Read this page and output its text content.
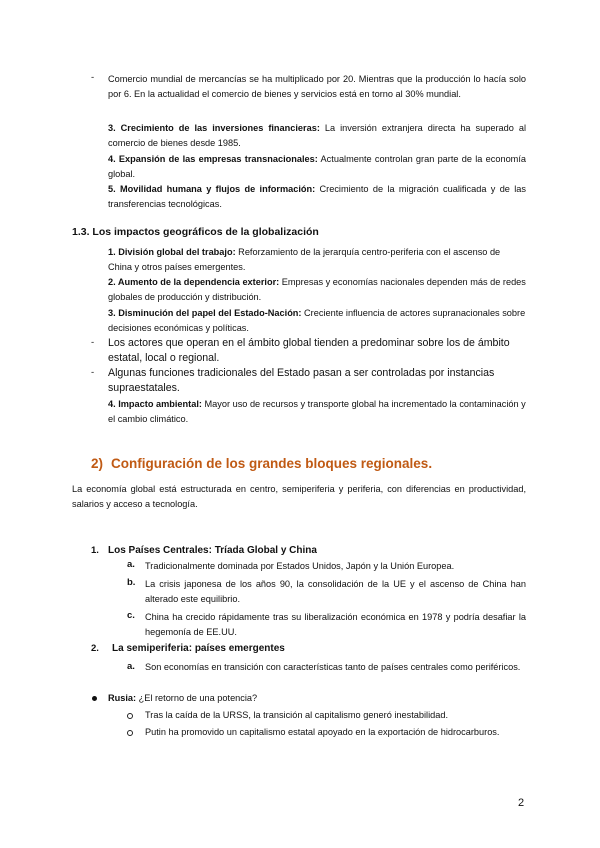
- Comercio mundial de mercancías se ha multiplicado por 20. Mientras que la producción lo hacía solo por 6. En la actualidad el comercio de bienes y servicios está en torno al 30% mundial.
3. Crecimiento de las inversiones financieras: La inversión extranjera directa ha superado al comercio de bienes desde 1985.
4. Expansión de las empresas transnacionales: Actualmente controlan gran parte de la economía global.
5. Movilidad humana y flujos de información: Crecimiento de la migración cualificada y de las transferencias tecnológicas.
1.3. Los impactos geográficos de la globalización
1. División global del trabajo: Reforzamiento de la jerarquía centro-periferia con el ascenso de China y otros países emergentes.
2. Aumento de la dependencia exterior: Empresas y economías nacionales dependen más de redes globales de producción y distribución.
3. Disminución del papel del Estado-Nación: Creciente influencia de actores supranacionales sobre decisiones económicas y políticas.
- Los actores que operan en el ámbito global tienden a predominar sobre los de ámbito estatal, local o regional.
- Algunas funciones tradicionales del Estado pasan a ser controladas por instancias supraestatales.
4. Impacto ambiental: Mayor uso de recursos y transporte global ha incrementado la contaminación y el cambio climático.
2) Configuración de los grandes bloques regionales.
La economía global está estructurada en centro, semiperiferia y periferia, con diferencias en productividad, salarios y acceso a tecnología.
1. Los Países Centrales: Tríada Global y China
a. Tradicionalmente dominada por Estados Unidos, Japón y la Unión Europea.
b. La crisis japonesa de los años 90, la consolidación de la UE y el ascenso de China han alterado este equilibrio.
c. China ha crecido rápidamente tras su liberalización económica en 1978 y podría desafiar la hegemonía de EE.UU.
2. La semiperiferia: países emergentes
a. Son economías en transición con características tanto de países centrales como periféricos.
Rusia: ¿El retorno de una potencia?
Tras la caída de la URSS, la transición al capitalismo generó inestabilidad.
Putin ha promovido un capitalismo estatal apoyado en la exportación de hidrocarburos.
2
